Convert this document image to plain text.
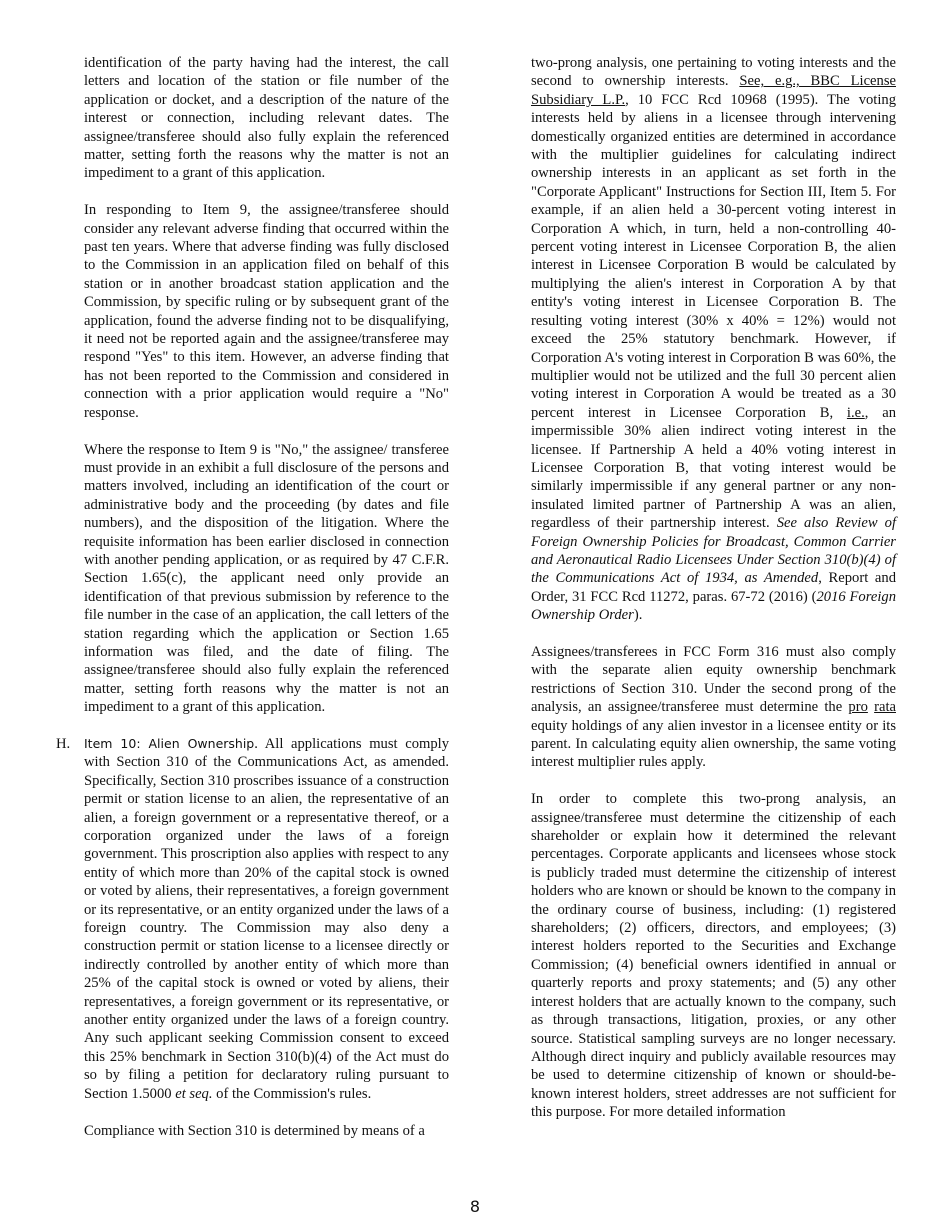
identification of the party having had the interest, the call letters and location of the station or file number of the application or docket, and a description of the nature of the interest or connection, including relevant dates. The assignee/transferee should also fully explain the referenced matter, setting forth the reasons why the matter is not an impediment to a grant of this application.

In responding to Item 9, the assignee/transferee should consider any relevant adverse finding that occurred within the past ten years. Where that adverse finding was fully disclosed to the Commission in an application filed on behalf of this station or in another broadcast station application and the Commission, by specific ruling or by subsequent grant of the application, found the adverse finding not to be disqualifying, it need not be reported again and the assignee/transferee may respond "Yes" to this item. However, an adverse finding that has not been reported to the Commission and considered in connection with a prior application would require a "No" response.

Where the response to Item 9 is "No," the assignee/ transferee must provide in an exhibit a full disclosure of the persons and matters involved, including an identification of the court or administrative body and the proceeding (by dates and file numbers), and the disposition of the litigation. Where the requisite information has been earlier disclosed in connection with another pending application, or as required by 47 C.F.R. Section 1.65(c), the applicant need only provide an identification of that previous submission by reference to the file number in the case of an application, the call letters of the station regarding which the application or Section 1.65 information was filed, and the date of filing. The assignee/transferee should also fully explain the referenced matter, setting forth reasons why the matter is not an impediment to a grant of this application.

H. Item 10: Alien Ownership. All applications must comply with Section 310 of the Communications Act, as amended. Specifically, Section 310 proscribes issuance of a construction permit or station license to an alien, the representative of an alien, a foreign government or a representative thereof, or a corporation organized under the laws of a foreign government. This proscription also applies with respect to any entity of which more than 20% of the capital stock is owned or voted by aliens, their representatives, a foreign government or its representative, or an entity organized under the laws of a foreign country. The Commission may also deny a construction permit or station license to a licensee directly or indirectly controlled by another entity of which more than 25% of the capital stock is owned or voted by aliens, their representatives, a foreign government or its representative, or another entity organized under the laws of a foreign country. Any such applicant seeking Commission consent to exceed this 25% benchmark in Section 310(b)(4) of the Act must do so by filing a petition for declaratory ruling pursuant to Section 1.5000 et seq. of the Commission's rules.

Compliance with Section 310 is determined by means of a

two-prong analysis, one pertaining to voting interests and the second to ownership interests. See, e.g., BBC License Subsidiary L.P., 10 FCC Rcd 10968 (1995). The voting interests held by aliens in a licensee through intervening domestically organized entities are determined in accordance with the multiplier guidelines for calculating indirect ownership interests in an applicant as set forth in the "Corporate Applicant" Instructions for Section III, Item 5. For example, if an alien held a 30-percent voting interest in Corporation A which, in turn, held a non-controlling 40-percent voting interest in Licensee Corporation B, the alien interest in Licensee Corporation B would be calculated by multiplying the alien's interest in Corporation A by that entity's voting interest in Licensee Corporation B. The resulting voting interest (30% x 40% = 12%) would not exceed the 25% statutory benchmark. However, if Corporation A's voting interest in Corporation B was 60%, the multiplier would not be utilized and the full 30 percent alien voting interest in Corporation A would be treated as a 30 percent interest in Licensee Corporation B, i.e., an impermissible 30% alien indirect voting interest in the licensee. If Partnership A held a 40% voting interest in Licensee Corporation B, that voting interest would be similarly impermissible if any general partner or any non-insulated limited partner of Partnership A was an alien, regardless of their partnership interest. See also Review of Foreign Ownership Policies for Broadcast, Common Carrier and Aeronautical Radio Licensees Under Section 310(b)(4) of the Communications Act of 1934, as Amended, Report and Order, 31 FCC Rcd 11272, paras. 67-72 (2016) (2016 Foreign Ownership Order).

Assignees/transferees in FCC Form 316 must also comply with the separate alien equity ownership benchmark restrictions of Section 310. Under the second prong of the analysis, an assignee/transferee must determine the pro rata equity holdings of any alien investor in a licensee entity or its parent. In calculating equity alien ownership, the same voting interest multiplier rules apply.

In order to complete this two-prong analysis, an assignee/transferee must determine the citizenship of each shareholder or explain how it determined the relevant percentages. Corporate applicants and licensees whose stock is publicly traded must determine the citizenship of interest holders who are known or should be known to the company in the ordinary course of business, including: (1) registered shareholders; (2) officers, directors, and employees; (3) interest holders reported to the Securities and Exchange Commission; (4) beneficial owners identified in annual or quarterly reports and proxy statements; and (5) any other interest holders that are actually known to the company, such as through transactions, litigation, proxies, or any other source. Statistical sampling surveys are no longer necessary. Although direct inquiry and publicly available resources may be used to determine citizenship of known or should-be-known interest holders, street addresses are not sufficient for this purpose. For more detailed information

8
